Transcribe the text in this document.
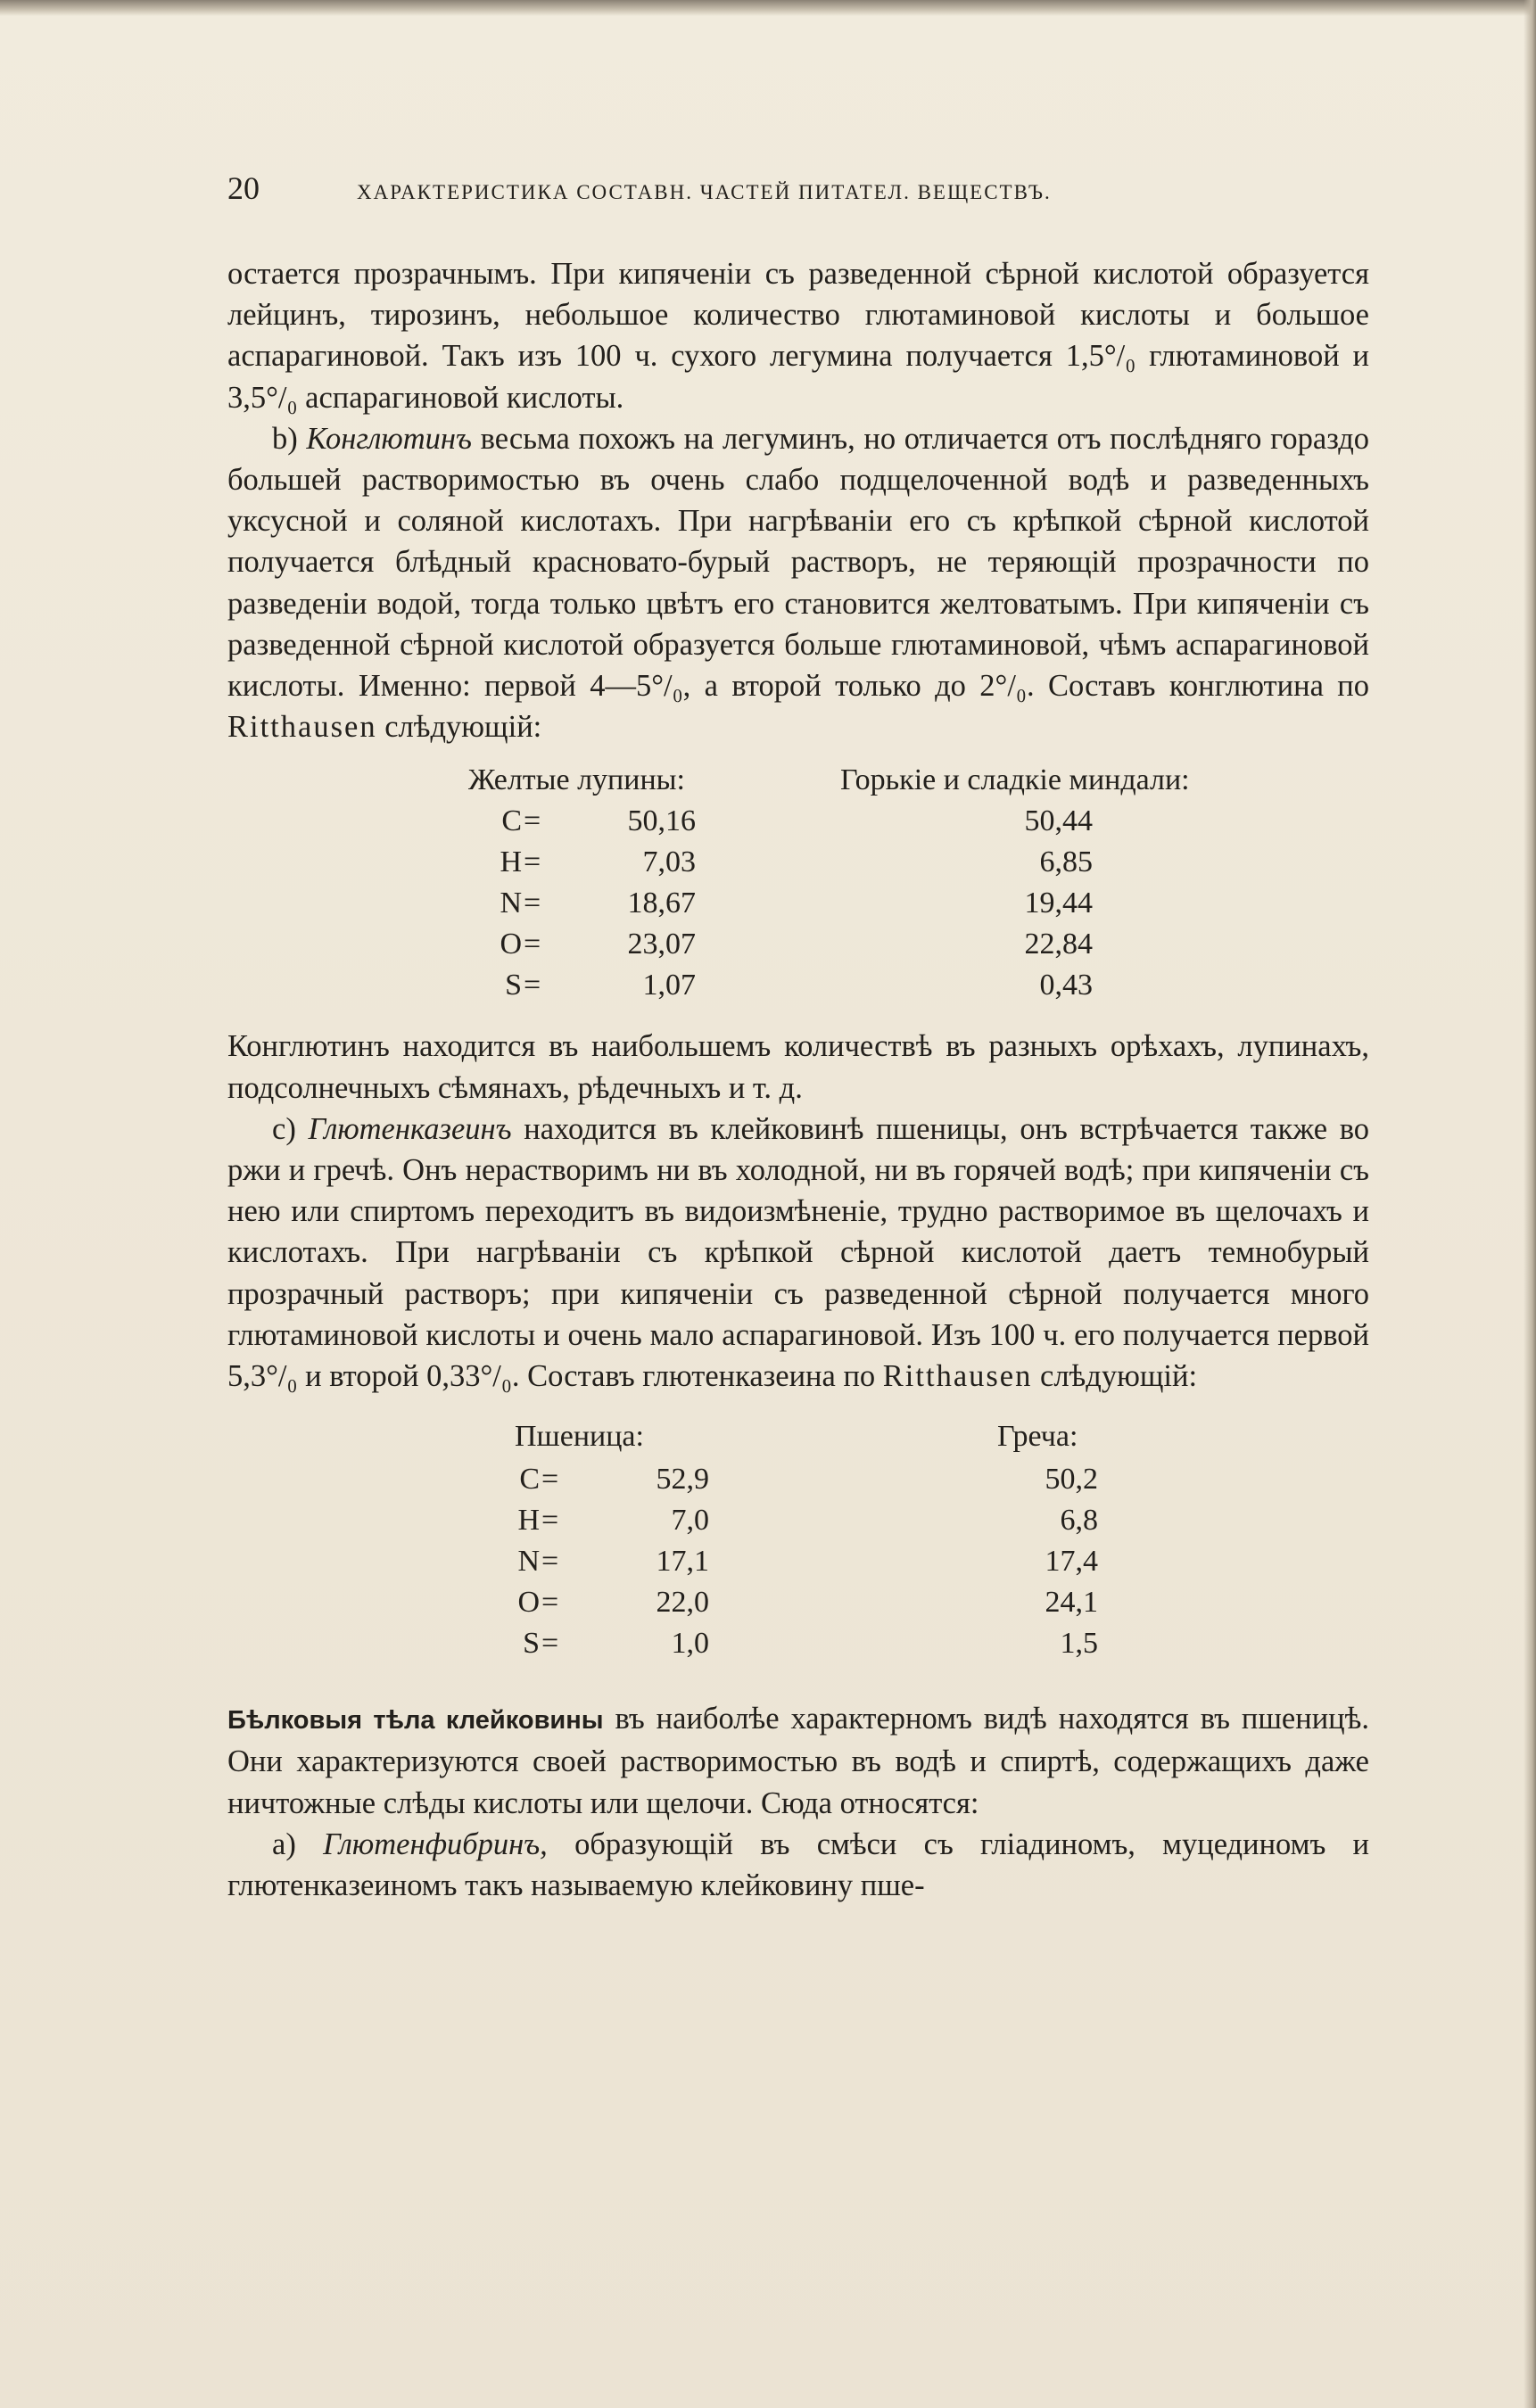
20	ХАРАКТЕРИСТИКА СОСТАВН. ЧАСТЕЙ ПИТАТЕЛ. ВЕЩЕСТВЪ.

остается прозрачнымъ. При кипяченiи съ разведенной сѣрной кислотой образуется лейцинъ, тирозинъ, небольшое количество глютаминовой кислоты и большое аспарагиновой. Такъ изъ 100 ч. сухого легумина получается 1,5°/₀ глютаминовой и 3,5°/₀ аспарагиновой кислоты.

b) Конглютинъ весьма похожъ на легуминъ, но отличается отъ послѣдняго гораздо большей растворимостью въ очень слабо подщелоченной водѣ и разведенныхъ уксусной и соляной кислотахъ. При нагрѣванiи его съ крѣпкой сѣрной кислотой получается блѣдный красновато-бурый растворъ, не теряющiй прозрачности по разведенiи водой, тогда только цвѣтъ его становится желтоватымъ. При кипяченiи съ разведенной сѣрной кислотой образуется больше глютаминовой, чѣмъ аспарагиновой кислоты. Именно: первой 4—5°/₀, а второй только до 2°/₀. Составъ конглютина по Ritthausen слѣдующiй:

Желтые лупины:	Горькiе и сладкiе миндали:
C =	50,16	50,44
H =	7,03	6,85
N =	18,67	19,44
O =	23,07	22,84
S =	1,07	0,43

Конглютинъ находится въ наибольшемъ количествѣ въ разныхъ орѣхахъ, лупинахъ, подсолнечныхъ сѣмянахъ, рѣдечныхъ и т. д.

c) Глютенказеинъ находится въ клейковинѣ пшеницы, онъ встрѣчается также во ржи и гречѣ. Онъ нерастворимъ ни въ холодной, ни въ горячей водѣ; при кипяченiи съ нею или спиртомъ переходитъ въ видоизмѣненiе, трудно растворимое въ щелочахъ и кислотахъ. При нагрѣванiи съ крѣпкой сѣрной кислотой даетъ темнобурый прозрачный растворъ; при кипяченiи съ разведенной сѣрной получается много глютаминовой кислоты и очень мало аспарагиновой. Изъ 100 ч. его получается первой 5,3°/₀ и второй 0,33°/₀. Составъ глютенказеина по Ritthausen слѣдующiй:

Пшеница:	Греча:
C =	52,9	50,2
H =	7,0	6,8
N =	17,1	17,4
O =	22,0	24,1
S =	1,0	1,5

Бѣлковыя тѣла клейковины въ наиболѣе характерномъ видѣ находятся въ пшеницѣ. Они характеризуются своей растворимостью въ водѣ и спиртѣ, содержащихъ даже ничтожные слѣды кислоты или щелочи. Сюда относятся:

a) Глютенфибринъ, образующiй въ смѣси съ глiадиномъ, муцединомъ и глютенказеиномъ такъ называемую клейковину пше-
